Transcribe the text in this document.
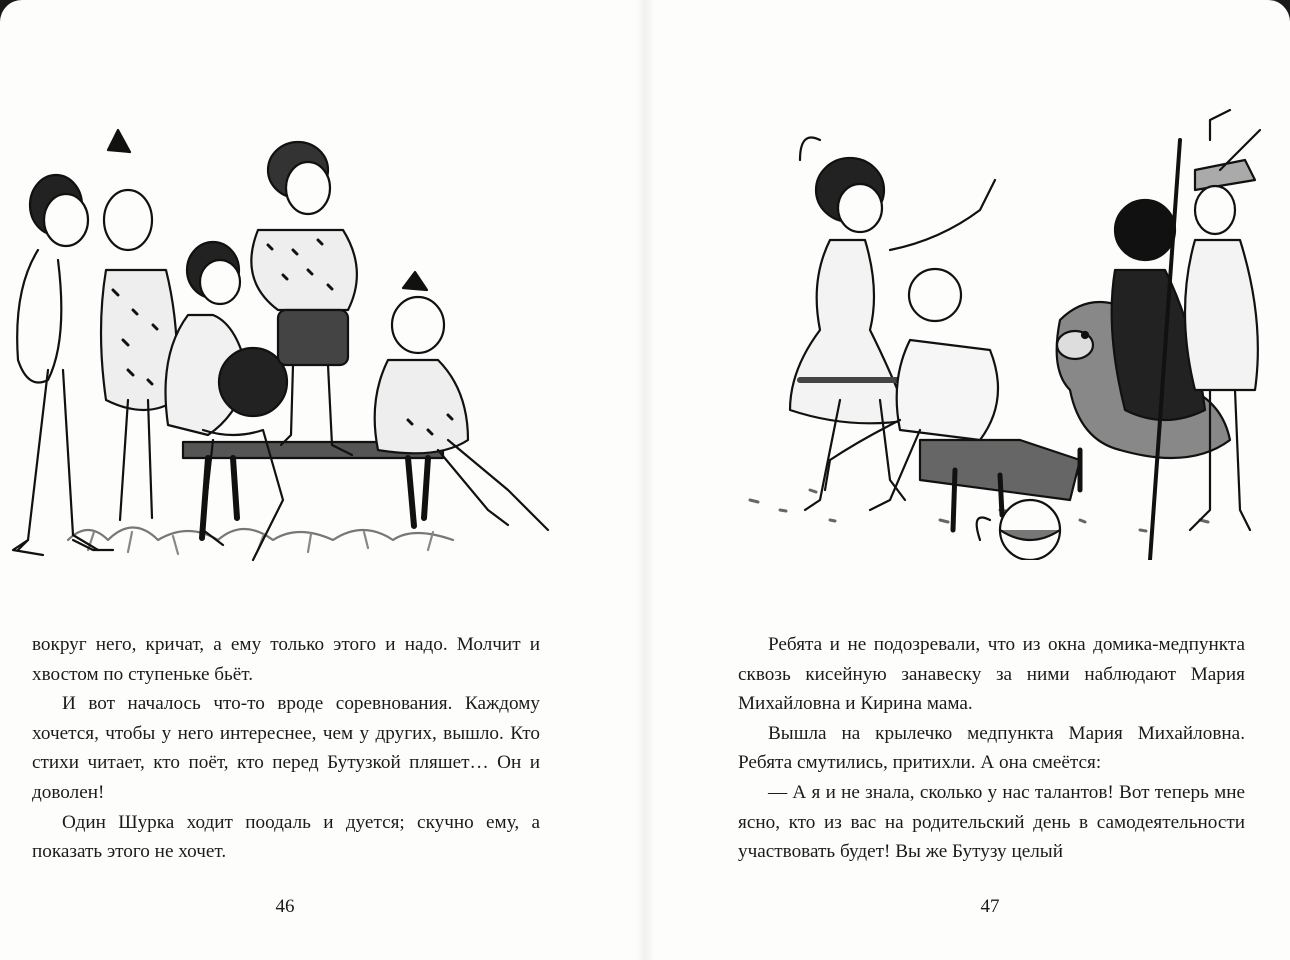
вокруг него, кричат, а ему только этого и надо. Молчит и хвостом по ступеньке бьёт.

И вот началось что-то вроде соревнования. Каждому хочется, чтобы у него интереснее, чем у других, вышло. Кто стихи читает, кто поёт, кто перед Бутузкой пляшет… Он и доволен!

Один Шурка ходит поодаль и дуется; скучно ему, а показать этого не хочет.

46

Ребята и не подозревали, что из окна домика-медпункта сквозь кисейную занавеску за ними наблюдают Мария Михайловна и Кирина мама.

Вышла на крылечко медпункта Мария Михайловна. Ребята смутились, притихли. А она смеётся:

— А я и не знала, сколько у нас талантов! Вот теперь мне ясно, кто из вас на родительский день в самодеятельности участвовать будет! Вы же Бутузу целый

47
